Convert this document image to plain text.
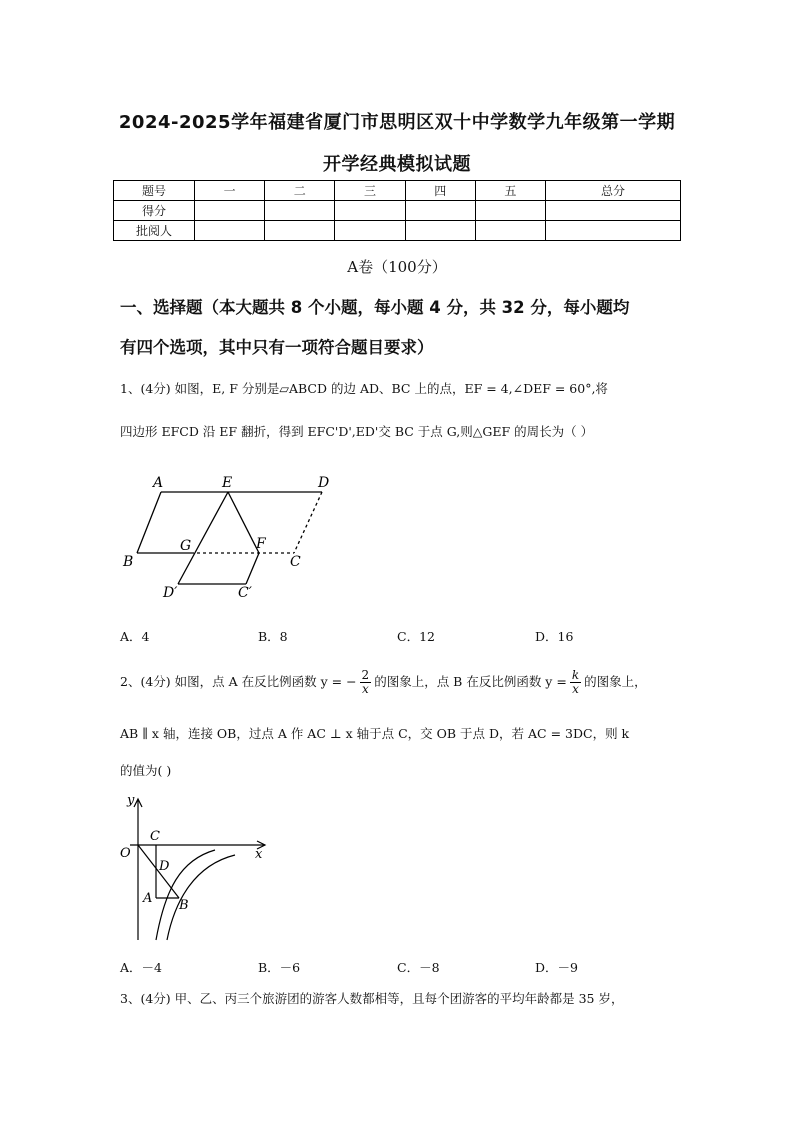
2024-2025学年福建省厦门市思明区双十中学数学九年级第一学期
开学经典模拟试题
题号	一	二	三	四	五	总分
得分						
批阅人						
A卷（100分）
一、选择题（本大题共 8 个小题，每小题 4 分，共 32 分，每小题均
有四个选项，其中只有一项符合题目要求）
1、(4分) 如图，E, F 分别是▱ABCD 的边 AD、BC 上的点，EF = 4,∠DEF = 60°,将
四边形 EFCD 沿 EF 翻折，得到 EFC'D',ED'交 BC 于点 G,则△GEF 的周长为（ ）
A	E	D
B
G	F
C
D′	C′
A．4	B．8	C．12	D．16
2、(4分) 如图，点 A 在反比例函数 y = − $\frac{2}{x}$ 的图象上，点 B 在反比例函数 $y = \frac{k}{x}$ 的图象上，
AB ∥ x 轴，连接 OB，过点 A 作 AC ⊥ x 轴于点 C，交 OB 于点 D，若 AC = 3DC，则 k
的值为( )
y
x
O
C
D
A B
A．－4	B．－6	C．－8	D．－9
3、(4分) 甲、乙、丙三个旅游团的游客人数都相等，且每个团游客的平均年龄都是 35 岁，
